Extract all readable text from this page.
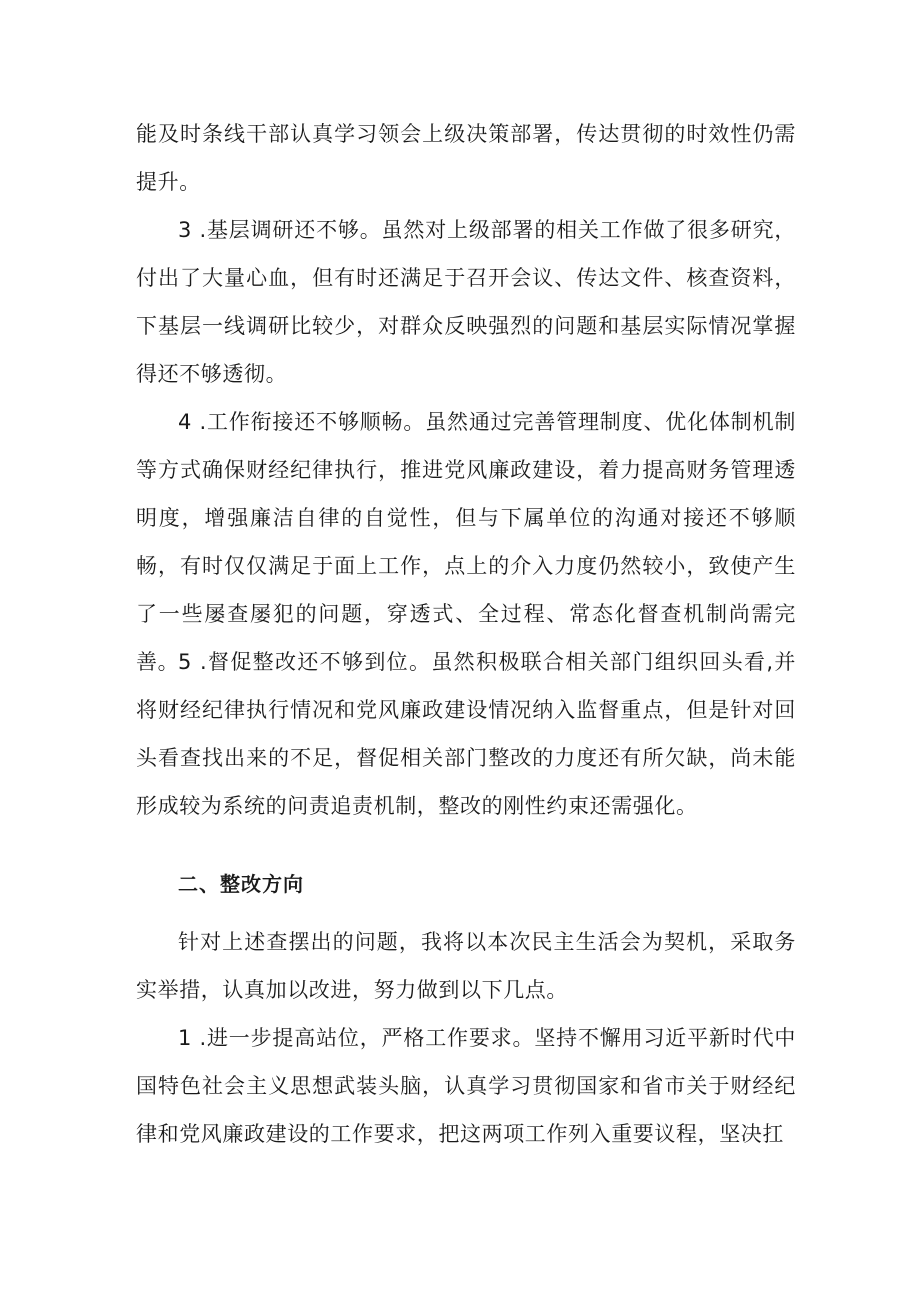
能及时条线干部认真学习领会上级决策部署，传达贯彻的时效性仍需提升。

3 .基层调研还不够。虽然对上级部署的相关工作做了很多研究，付出了大量心血，但有时还满足于召开会议、传达文件、核查资料，下基层一线调研比较少，对群众反映强烈的问题和基层实际情况掌握得还不够透彻。

4 .工作衔接还不够顺畅。虽然通过完善管理制度、优化体制机制等方式确保财经纪律执行，推进党风廉政建设，着力提高财务管理透明度，增强廉洁自律的自觉性，但与下属单位的沟通对接还不够顺畅，有时仅仅满足于面上工作，点上的介入力度仍然较小，致使产生了一些屡查屡犯的问题，穿透式、全过程、常态化督查机制尚需完善。

5 .督促整改还不够到位。虽然积极联合相关部门组织回头看,并将财经纪律执行情况和党风廉政建设情况纳入监督重点，但是针对回头看查找出来的不足，督促相关部门整改的力度还有所欠缺，尚未能形成较为系统的问责追责机制，整改的刚性约束还需强化。

二、整改方向

针对上述查摆出的问题，我将以本次民主生活会为契机，采取务实举措，认真加以改进，努力做到以下几点。

1 .进一步提高站位，严格工作要求。坚持不懈用习近平新时代中国特色社会主义思想武装头脑，认真学习贯彻国家和省市关于财经纪律和党风廉政建设的工作要求，把这两项工作列入重要议程，坚决扛
